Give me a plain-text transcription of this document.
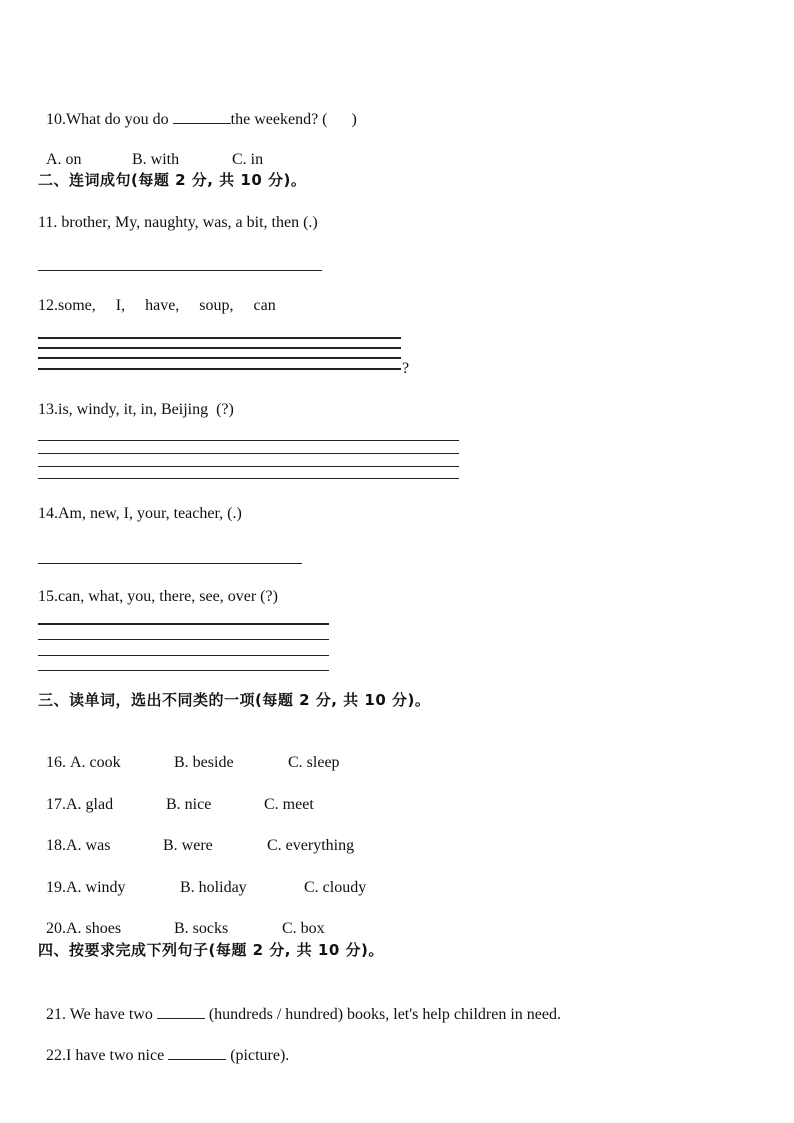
10.What do you do	the weekend? (      )

A. on	B. with	C. in

二、连词成句(每题 2 分, 共 10 分)。
11. brother, My, naughty, was, a bit, then (.)
12.some,     I,     have,     soup,     can
?
13.is, windy, it, in, Beijing  (?)
14.Am, new, I, your, teacher, (.)
15.can, what, you, there, see, over (?)
三、读单词，选出不同类的一项(每题 2 分, 共 10 分)。

16. A. cook	B. beside	C. sleep

17.A. glad	B. nice	C. meet

18.A. was	B. were	C. everything

19.A. windy	B. holiday	C. cloudy

20.A. shoes	B. socks	C. box

四、按要求完成下列句子(每题 2 分, 共 10 分)。

21. We have two	(hundreds / hundred) books, let's help children in need.

22.I have two nice	(picture).
